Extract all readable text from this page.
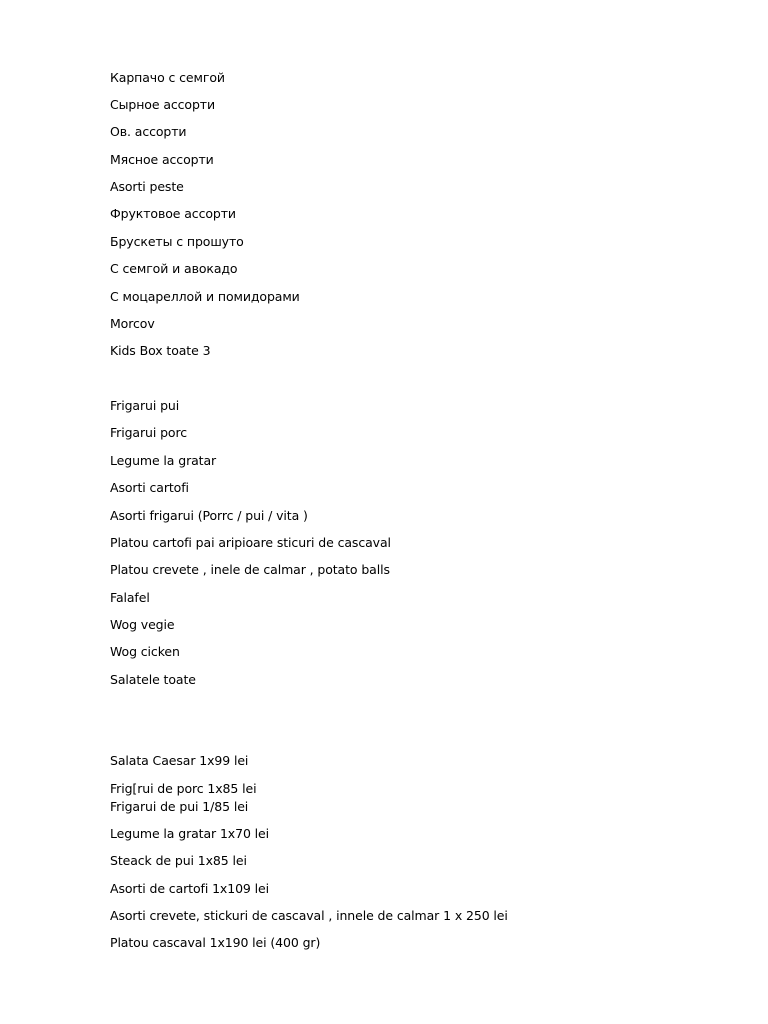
Карпачо с семгой
Сырное ассорти
Ов. ассорти
Мясное ассорти
Asorti peste
Фруктовое ассорти
Брускеты с прошуто
С семгой и авокадо
С моцареллой и помидорами
Morcov
Kids Box toate 3
Frigarui pui
Frigarui porc
Legume la gratar
Asorti cartofi
Asorti frigarui (Porrc / pui / vita )
Platou cartofi pai aripioare sticuri de cascaval
Platou crevete , inele de calmar , potato balls
Falafel
Wog vegie
Wog cicken
Salatele toate
Salata Caesar 1x99 lei
Frig[rui de porc 1x85 lei
Frigarui de pui 1/85 lei
Legume la gratar 1x70 lei
Steack de pui 1x85 lei
Asorti de cartofi 1x109 lei
Asorti crevete, stickuri de cascaval , innele de calmar 1 x 250 lei
Platou cascaval 1x190 lei (400 gr)
